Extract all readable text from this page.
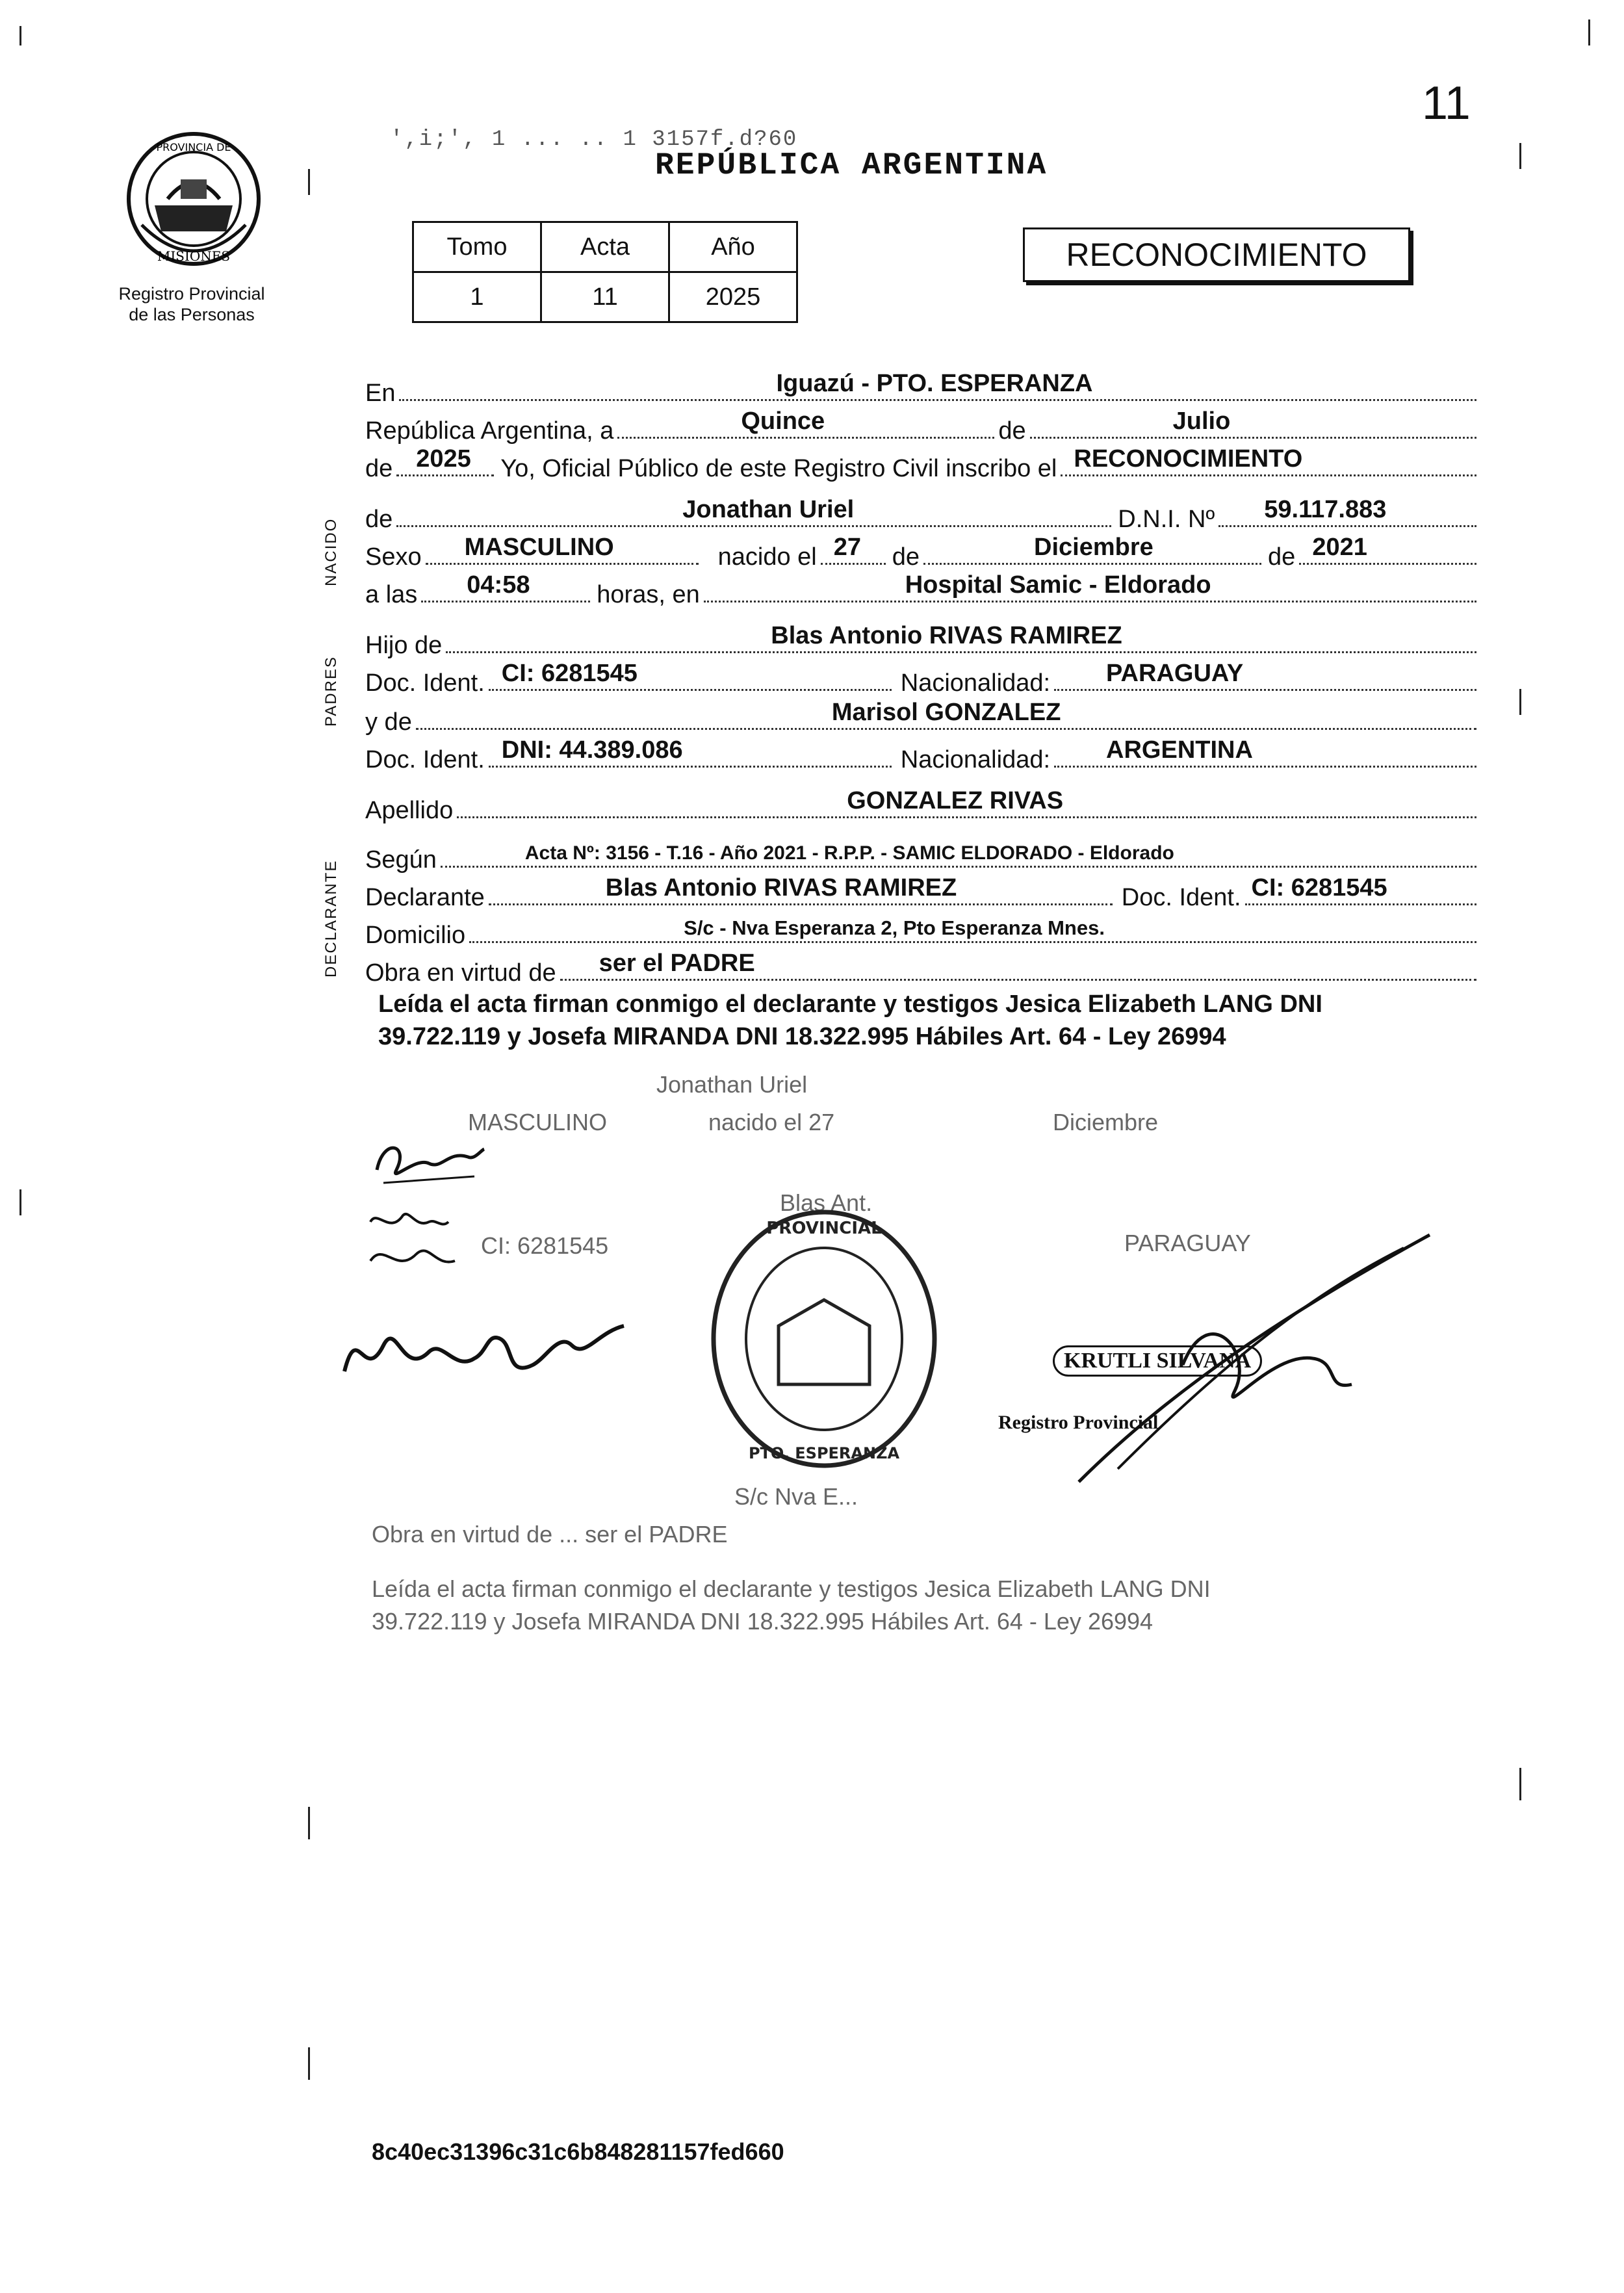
11
',i;', 1 ... .. 1 3157f.d?60
REPÚBLICA ARGENTINA
PROVINCIA DE
MISIONES
Registro Provincial
de las Personas
Tomo	Acta	Año
1	11	2025
RECONOCIMIENTO
NACIDO
PADRES
DECLARANTE
En	Iguazú - PTO. ESPERANZA
República Argentina, a	Quince	de	Julio
de 2025 Yo, Oficial Público de este Registro Civil inscribo el RECONOCIMIENTO
de	Jonathan Uriel	D.N.I. Nº 59.117.883
Sexo MASCULINO	nacido el 27 de	Diciembre	de 2021
a las 04:58	horas, en	Hospital Samic - Eldorado
Hijo de	Blas Antonio RIVAS RAMIREZ
Doc. Ident. CI: 6281545	Nacionalidad: PARAGUAY
y de	Marisol GONZALEZ
Doc. Ident. DNI: 44.389.086	Nacionalidad: ARGENTINA
Apellido	GONZALEZ RIVAS
Según	Acta Nº: 3156 - T.16 - Año 2021 - R.P.P. - SAMIC ELDORADO - Eldorado
Declarante	Blas Antonio RIVAS RAMIREZ	Doc. Ident. CI: 6281545
Domicilio	S/c - Nva Esperanza 2, Pto Esperanza Mnes.
Obra en virtud de ser el PADRE
Leída el acta firman conmigo el declarante y testigos Jesica Elizabeth LANG DNI
39.722.119 y Josefa MIRANDA DNI 18.322.995 Hábiles Art. 64 - Ley 26994
Jonathan Uriel
MASCULINO	nacido el 27	Diciembre
Blas Ant.
CI: 6281545	PARAGUAY
S/c Nva E...
Obra en virtud de ... ser el PADRE
Leída el acta firman conmigo el declarante y testigos Jesica Elizabeth LANG DNI
39.722.119 y Josefa MIRANDA DNI 18.322.995 Hábiles Art. 64 - Ley 26994
PROVINCIAL
PTO. ESPERANZA
KRUTLI SILVANA
Registro Provincial
8c40ec31396c31c6b848281157fed660
